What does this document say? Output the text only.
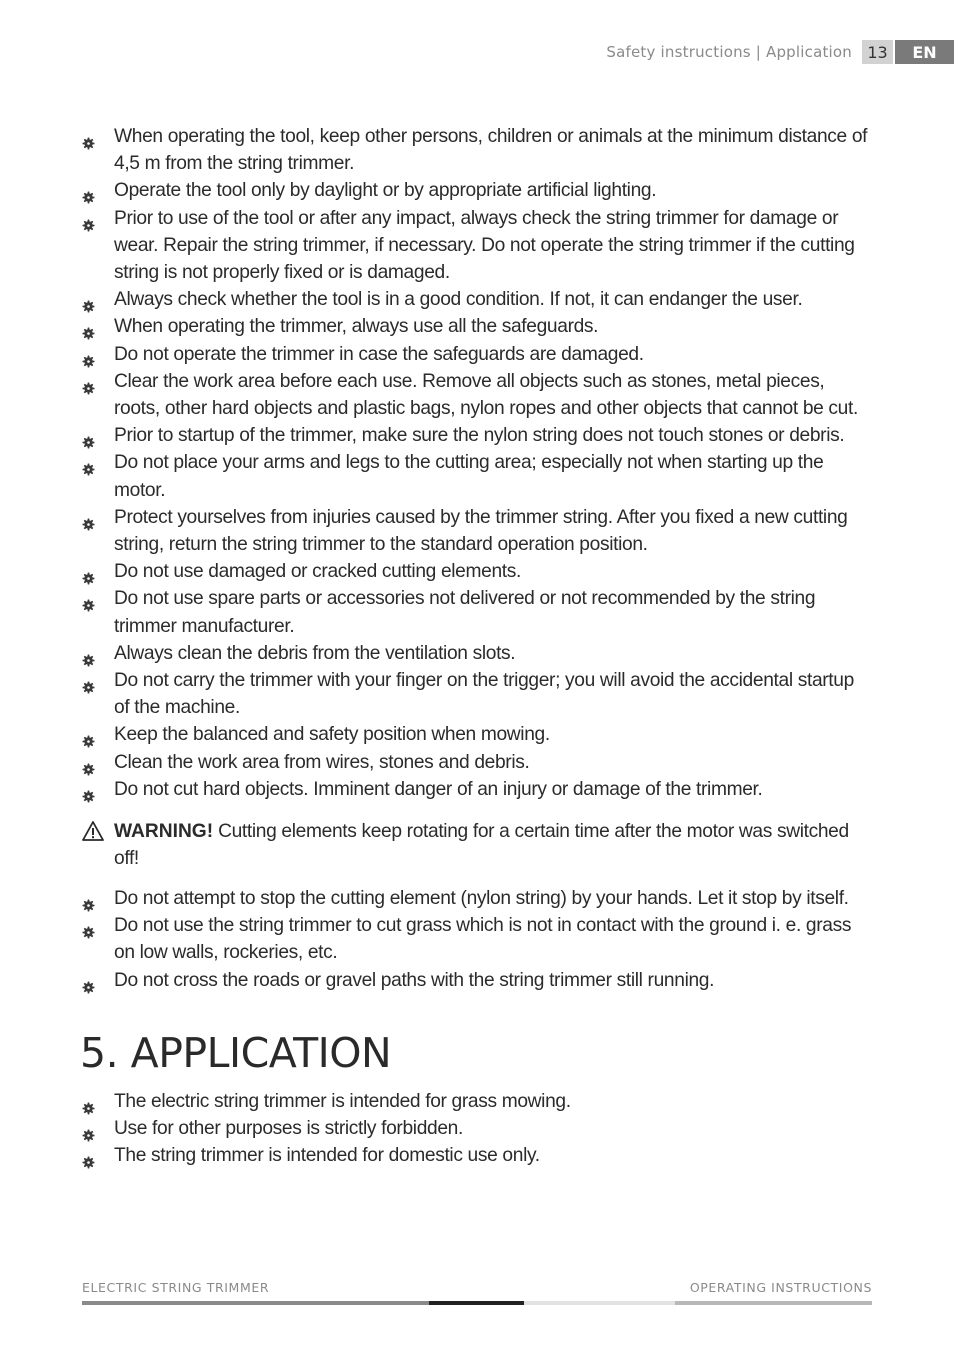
Safety instructions | Application 13	EN
When operating the tool, keep other persons, children or animals at the minimum distance of 4,5 m from the string trimmer.
Operate the tool only by daylight or by appropriate artificial lighting.
Prior to use of the tool or after any impact, always check the string trimmer for damage or wear. Repair the string trimmer, if necessary. Do not operate the string trimmer if the cutting string is not properly fixed or is damaged.
Always check whether the tool is in a good condition. If not, it can endanger the user.
When operating the trimmer, always use all the safeguards.
Do not operate the trimmer in case the safeguards are damaged.
Clear the work area before each use. Remove all objects such as stones, metal pieces, roots, other hard objects and plastic bags, nylon ropes and other objects that cannot be cut.
Prior to startup of the trimmer, make sure the nylon string does not touch stones or debris.
Do not place your arms and legs to the cutting area; especially not when starting up the motor.
Protect yourselves from injuries caused by the trimmer string. After you fixed a new cutting string, return the string trimmer to the standard operation position.
Do not use damaged or cracked cutting elements.
Do not use spare parts or accessories not delivered or not recommended by the string trimmer manufacturer.
Always clean the debris from the ventilation slots.
Do not carry the trimmer with your finger on the trigger; you will avoid the accidental startup of the machine.
Keep the balanced and safety position when mowing.
Clean the work area from wires, stones and debris.
Do not cut hard objects. Imminent danger of an injury or damage of the trimmer.
WARNING! Cutting elements keep rotating for a certain time after the motor was switched off!
Do not attempt to stop the cutting element (nylon string) by your hands. Let it stop by itself.
Do not use the string trimmer to cut grass which is not in contact with the ground i. e. grass on low walls, rockeries, etc.
Do not cross the roads or gravel paths with the string trimmer still running.
5. APPLICATION
The electric string trimmer is intended for grass mowing.
Use for other purposes is strictly forbidden.
The string trimmer is intended for domestic use only.
ELECTRIC STRING TRIMMER	OPERATING INSTRUCTIONS
